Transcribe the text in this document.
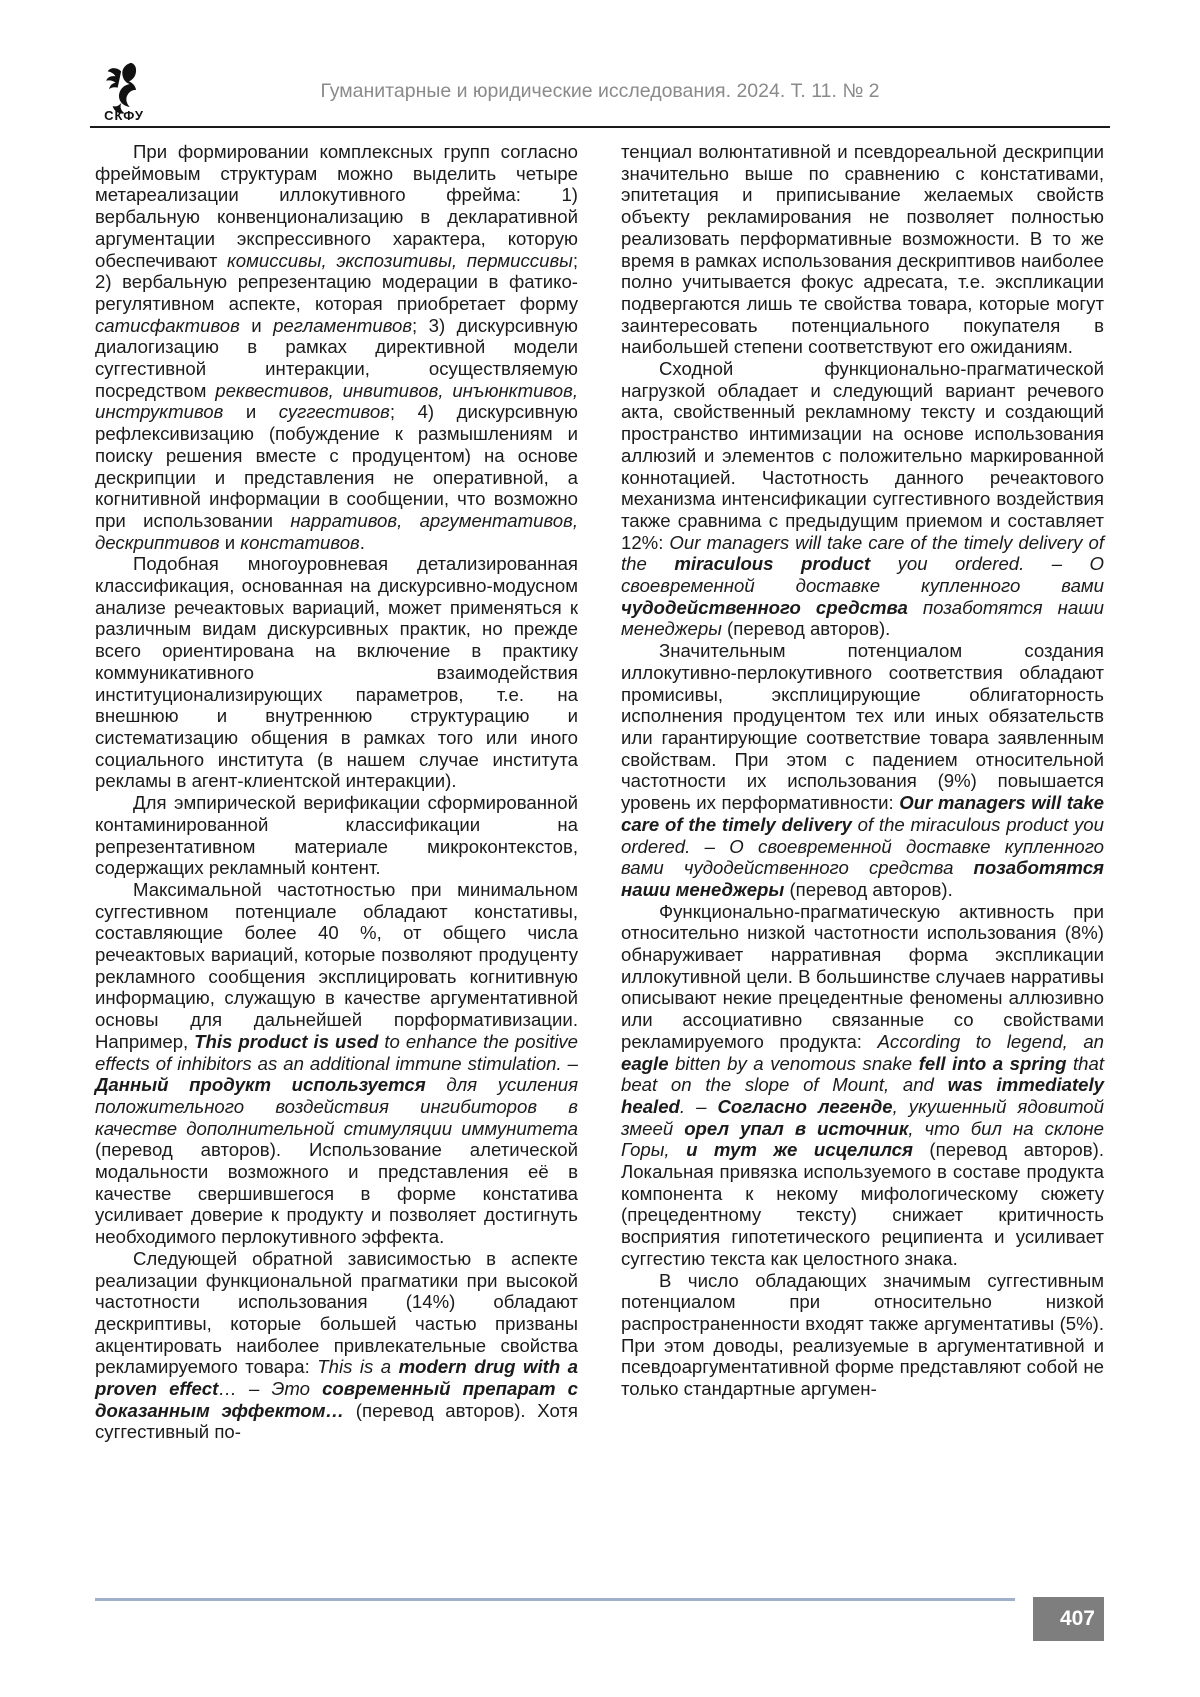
СКФУ
Гуманитарные и юридические исследования. 2024. Т. 11. № 2

При формировании комплексных групп согласно фреймовым структурам можно выделить четыре метареализации иллокутивного фрейма: 1) вербальную конвенционализацию в декларативной аргументации экспрессивного характера, которую обеспечивают комиссивы, экспозитивы, пермиссивы; 2) вербальную репрезентацию модерации в фатико-регулятивном аспекте, которая приобретает форму сатисфактивов и регламентивов; 3) дискурсивную диалогизацию в рамках директивной модели суггестивной интеракции, осуществляемую посредством реквестивов, инвитивов, инъюнктивов, инструктивов и суггестивов; 4) дискурсивную рефлексивизацию (побуждение к размышлениям и поиску решения вместе с продуцентом) на основе дескрипции и представления не оперативной, а когнитивной информации в сообщении, что возможно при использовании нарративов, аргументативов, дескриптивов и констативов.

Подобная многоуровневая детализированная классификация, основанная на дискурсивно-модусном анализе речеактовых вариаций, может применяться к различным видам дискурсивных практик, но прежде всего ориентирована на включение в практику коммуникативного взаимодействия институционализирующих параметров, т.е. на внешнюю и внутреннюю структурацию и систематизацию общения в рамках того или иного социального института (в нашем случае института рекламы в агент-клиентской интеракции).

Для эмпирической верификации сформированной контаминированной классификации на репрезентативном материале микроконтекстов, содержащих рекламный контент.

Максимальной частотностью при минимальном суггестивном потенциале обладают констативы, составляющие более 40 %, от общего числа речеактовых вариаций, которые позволяют продуценту рекламного сообщения эксплицировать когнитивную информацию, служащую в качестве аргументативной основы для дальнейшей порформативизации. Например, This product is used to enhance the positive effects of inhibitors as an additional immune stimulation. – Данный продукт используется для усиления положительного воздействия ингибиторов в качестве дополнительной стимуляции иммунитета (перевод авторов). Использование алетической модальности возможного и представления её в качестве свершившегося в форме констатива усиливает доверие к продукту и позволяет достигнуть необходимого перлокутивного эффекта.

Следующей обратной зависимостью в аспекте реализации функциональной прагматики при высокой частотности использования (14%) обладают дескриптивы, которые большей частью призваны акцентировать наиболее привлекательные свойства рекламируемого товара: This is a modern drug with a proven effect… – Это современный препарат с доказанным эффектом… (перевод авторов). Хотя суггестивный по-

тенциал волюнтативной и псевдореальной дескрипции значительно выше по сравнению с констативами, эпитетация и приписывание желаемых свойств объекту рекламирования не позволяет полностью реализовать перформативные возможности. В то же время в рамках использования дескриптивов наиболее полно учитывается фокус адресата, т.е. экспликации подвергаются лишь те свойства товара, которые могут заинтересовать потенциального покупателя в наибольшей степени соответствуют его ожиданиям.

Сходной функционально-прагматической нагрузкой обладает и следующий вариант речевого акта, свойственный рекламному тексту и создающий пространство интимизации на основе использования аллюзий и элементов с положительно маркированной коннотацией. Частотность данного речеактового механизма интенсификации суггестивного воздействия также сравнима с предыдущим приемом и составляет 12%: Our managers will take care of the timely delivery of the miraculous product you ordered. – О своевременной доставке купленного вами чудодейственного средства позаботятся наши менеджеры (перевод авторов).

Значительным потенциалом создания иллокутивно-перлокутивного соответствия обладают промисивы, эксплицирующие облигаторность исполнения продуцентом тех или иных обязательств или гарантирующие соответствие товара заявленным свойствам. При этом с падением относительной частотности их использования (9%) повышается уровень их перформативности: Our managers will take care of the timely delivery of the miraculous product you ordered. – О своевременной доставке купленного вами чудодейственного средства позаботятся наши менеджеры (перевод авторов).

Функционально-прагматическую активность при относительно низкой частотности использования (8%) обнаруживает нарративная форма экспликации иллокутивной цели. В большинстве случаев нарративы описывают некие прецедентные феномены аллюзивно или ассоциативно связанные со свойствами рекламируемого продукта: According to legend, an eagle bitten by a venomous snake fell into a spring that beat on the slope of Mount, and was immediately healed. – Согласно легенде, укушенный ядовитой змеей орел упал в источник, что бил на склоне Горы, и тут же исцелился (перевод авторов). Локальная привязка используемого в составе продукта компонента к некому мифологическому сюжету (прецедентному тексту) снижает критичность восприятия гипотетического реципиента и усиливает суггестию текста как целостного знака.

В число обладающих значимым суггестивным потенциалом при относительно низкой распространенности входят также аргументативы (5%). При этом доводы, реализуемые в аргументативной и псевдоаргументативной форме представляют собой не только стандартные аргумен-

407
